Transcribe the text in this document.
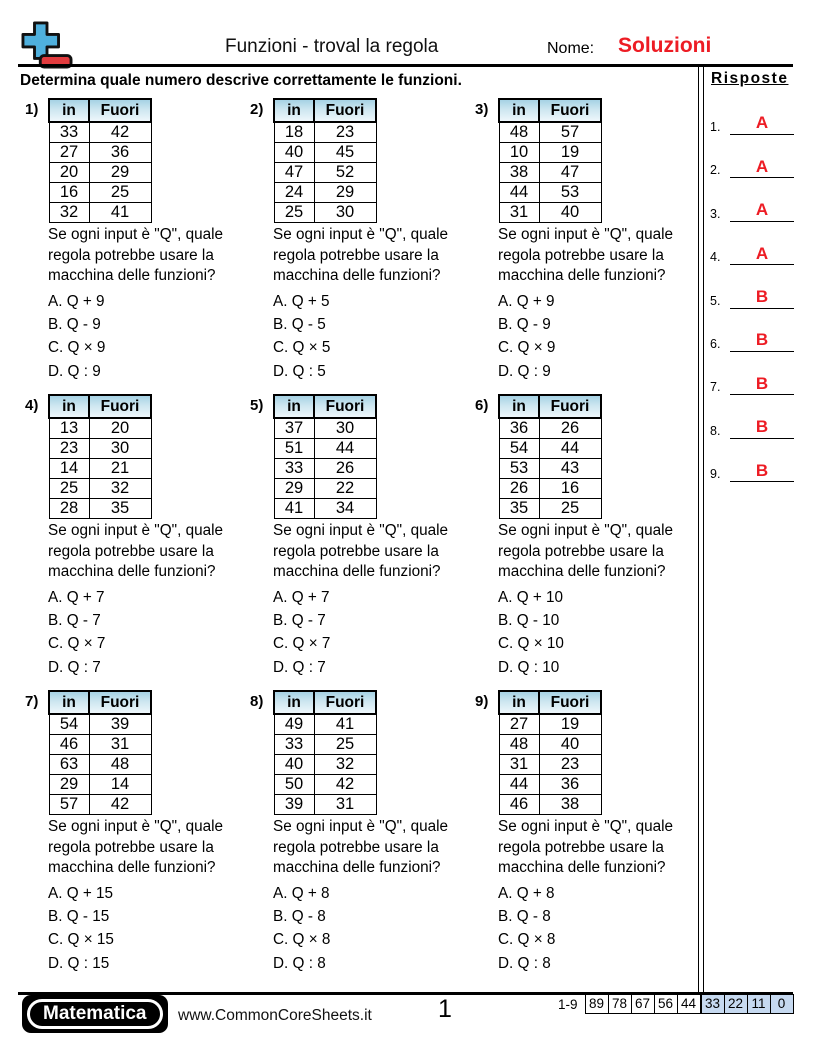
Funzioni - troval la regola	Nome: Soluzioni
Determina quale numero descrive correttamente le funzioni.	Risposte
1. A
2. A
3. A
4. A
5. B
6. B
7. B
8. B
9. B
1) in	Fuori
33	42
27	36
20	29
16	25
32	41
Se ogni input è "Q", quale
regola potrebbe usare la
macchina delle funzioni?
A. Q + 9
B. Q - 9
C. Q × 9
D. Q : 9
2) in	Fuori
18	23
40	45
47	52
24	29
25	30
Se ogni input è "Q", quale
regola potrebbe usare la
macchina delle funzioni?
A. Q + 5
B. Q - 5
C. Q × 5
D. Q : 5
3) in	Fuori
48	57
10	19
38	47
44	53
31	40
Se ogni input è "Q", quale
regola potrebbe usare la
macchina delle funzioni?
A. Q + 9
B. Q - 9
C. Q × 9
D. Q : 9
4) in	Fuori
13	20
23	30
14	21
25	32
28	35
Se ogni input è "Q", quale
regola potrebbe usare la
macchina delle funzioni?
A. Q + 7
B. Q - 7
C. Q × 7
D. Q : 7
5) in	Fuori
37	30
51	44
33	26
29	22
41	34
Se ogni input è "Q", quale
regola potrebbe usare la
macchina delle funzioni?
A. Q + 7
B. Q - 7
C. Q × 7
D. Q : 7
6) in	Fuori
36	26
54	44
53	43
26	16
35	25
Se ogni input è "Q", quale
regola potrebbe usare la
macchina delle funzioni?
A. Q + 10
B. Q - 10
C. Q × 10
D. Q : 10
7) in	Fuori
54	39
46	31
63	48
29	14
57	42
Se ogni input è "Q", quale
regola potrebbe usare la
macchina delle funzioni?
A. Q + 15
B. Q - 15
C. Q × 15
D. Q : 15
8) in	Fuori
49	41
33	25
40	32
50	42
39	31
Se ogni input è "Q", quale
regola potrebbe usare la
macchina delle funzioni?
A. Q + 8
B. Q - 8
C. Q × 8
D. Q : 8
9) in	Fuori
27	19
48	40
31	23
44	36
46	38
Se ogni input è "Q", quale
regola potrebbe usare la
macchina delle funzioni?
A. Q + 8
B. Q - 8
C. Q × 8
D. Q : 8
Matematica	www.CommonCoreSheets.it	1	1-9 89 78 67 56 44 33 22 11 0
